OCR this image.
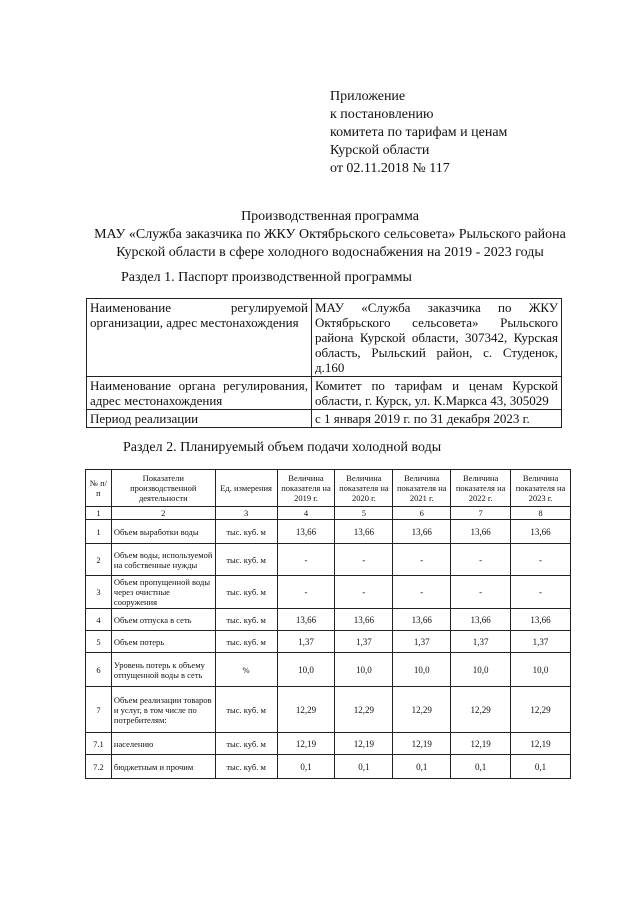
Приложение
к постановлению
комитета по тарифам и ценам
Курской области
от 02.11.2018 № 117
Производственная программа
МАУ «Служба заказчика по ЖКУ Октябрьского сельсовета» Рыльского района
Курской области в сфере холодного водоснабжения на 2019 - 2023 годы
Раздел 1. Паспорт производственной программы
Наименование регулируемой организации, адрес местонахождения	МАУ «Служба заказчика по ЖКУ Октябрьского сельсовета» Рыльского района Курской области, 307342, Курская область, Рыльский район, с. Студенок, д.160
Наименование органа регулирования, адрес местонахождения	Комитет по тарифам и ценам Курской области, г. Курск, ул. К.Маркса 43, 305029
Период реализации	с 1 января 2019 г. по 31 декабря 2023 г.
Раздел 2. Планируемый объем подачи холодной воды
№ п/п	Показатели производственной деятельности	Ед. измерения	Величина показателя на 2019 г.	Величина показателя на 2020 г.	Величина показателя на 2021 г.	Величина показателя на 2022 г.	Величина показателя на 2023 г.
1	2	3	4	5	6	7	8
1	Объем выработки воды	тыс. куб. м	13,66	13,66	13,66	13,66	13,66
2	Объем воды, используемой на собственные нужды	тыс. куб. м	-	-	-	-	-
3	Объем пропущенной воды через очистные сооружения	тыс. куб. м	-	-	-	-	-
4	Объем отпуска в сеть	тыс. куб. м	13,66	13,66	13,66	13,66	13,66
5	Объем потерь	тыс. куб. м	1,37	1,37	1,37	1,37	1,37
6	Уровень потерь к объему отпущенной воды в сеть	%	10,0	10,0	10,0	10,0	10,0
7	Объем реализации товаров и услуг, в том числе по потребителям:	тыс. куб. м	12,29	12,29	12,29	12,29	12,29
7.1	населению	тыс. куб. м	12,19	12,19	12,19	12,19	12,19
7.2	бюджетным и прочим	тыс. куб. м	0,1	0,1	0,1	0,1	0,1
